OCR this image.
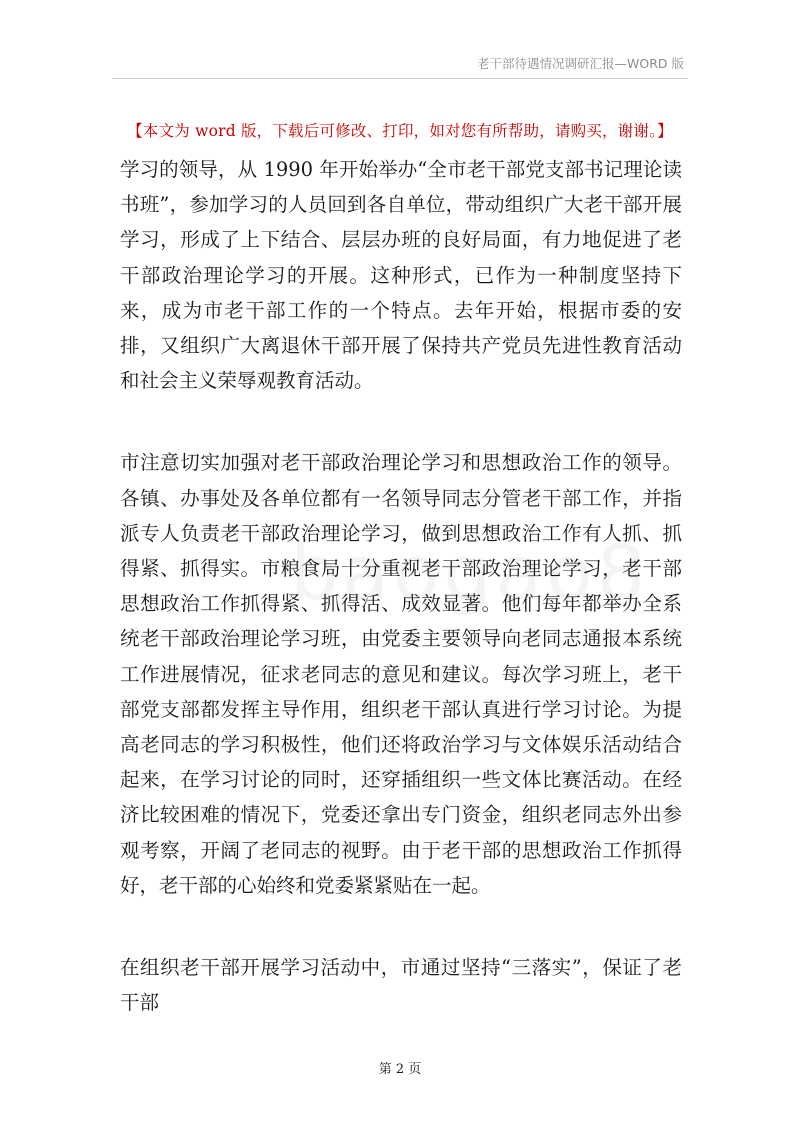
老干部待遇情况调研汇报—WORD 版
【本文为 word 版，下载后可修改、打印，如对您有所帮助，请购买，谢谢。】

学习的领导，从 1990 年开始举办“全市老干部党支部书记理论读书班”，参加学习的人员回到各自单位，带动组织广大老干部开展学习，形成了上下结合、层层办班的良好局面，有力地促进了老干部政治理论学习的开展。这种形式，已作为一种制度坚持下来，成为市老干部工作的一个特点。去年开始，根据市委的安排，又组织广大离退休干部开展了保持共产党员先进性教育活动和社会主义荣辱观教育活动。

市注意切实加强对老干部政治理论学习和思想政治工作的领导。各镇、办事处及各单位都有一名领导同志分管老干部工作，并指派专人负责老干部政治理论学习，做到思想政治工作有人抓、抓得紧、抓得实。市粮食局十分重视老干部政治理论学习，老干部思想政治工作抓得紧、抓得活、成效显著。他们每年都举办全系统老干部政治理论学习班，由党委主要领导向老同志通报本系统工作进展情况，征求老同志的意见和建议。每次学习班上，老干部党支部都发挥主导作用，组织老干部认真进行学习讨论。为提高老同志的学习积极性，他们还将政治学习与文体娱乐活动结合起来，在学习讨论的同时，还穿插组织一些文体比赛活动。在经济比较困难的情况下，党委还拿出专门资金，组织老同志外出参观考察，开阔了老同志的视野。由于老干部的思想政治工作抓得好，老干部的心始终和党委紧紧贴在一起。

在组织老干部开展学习活动中，市通过坚持“三落实”，保证了老干部

第 2 页
